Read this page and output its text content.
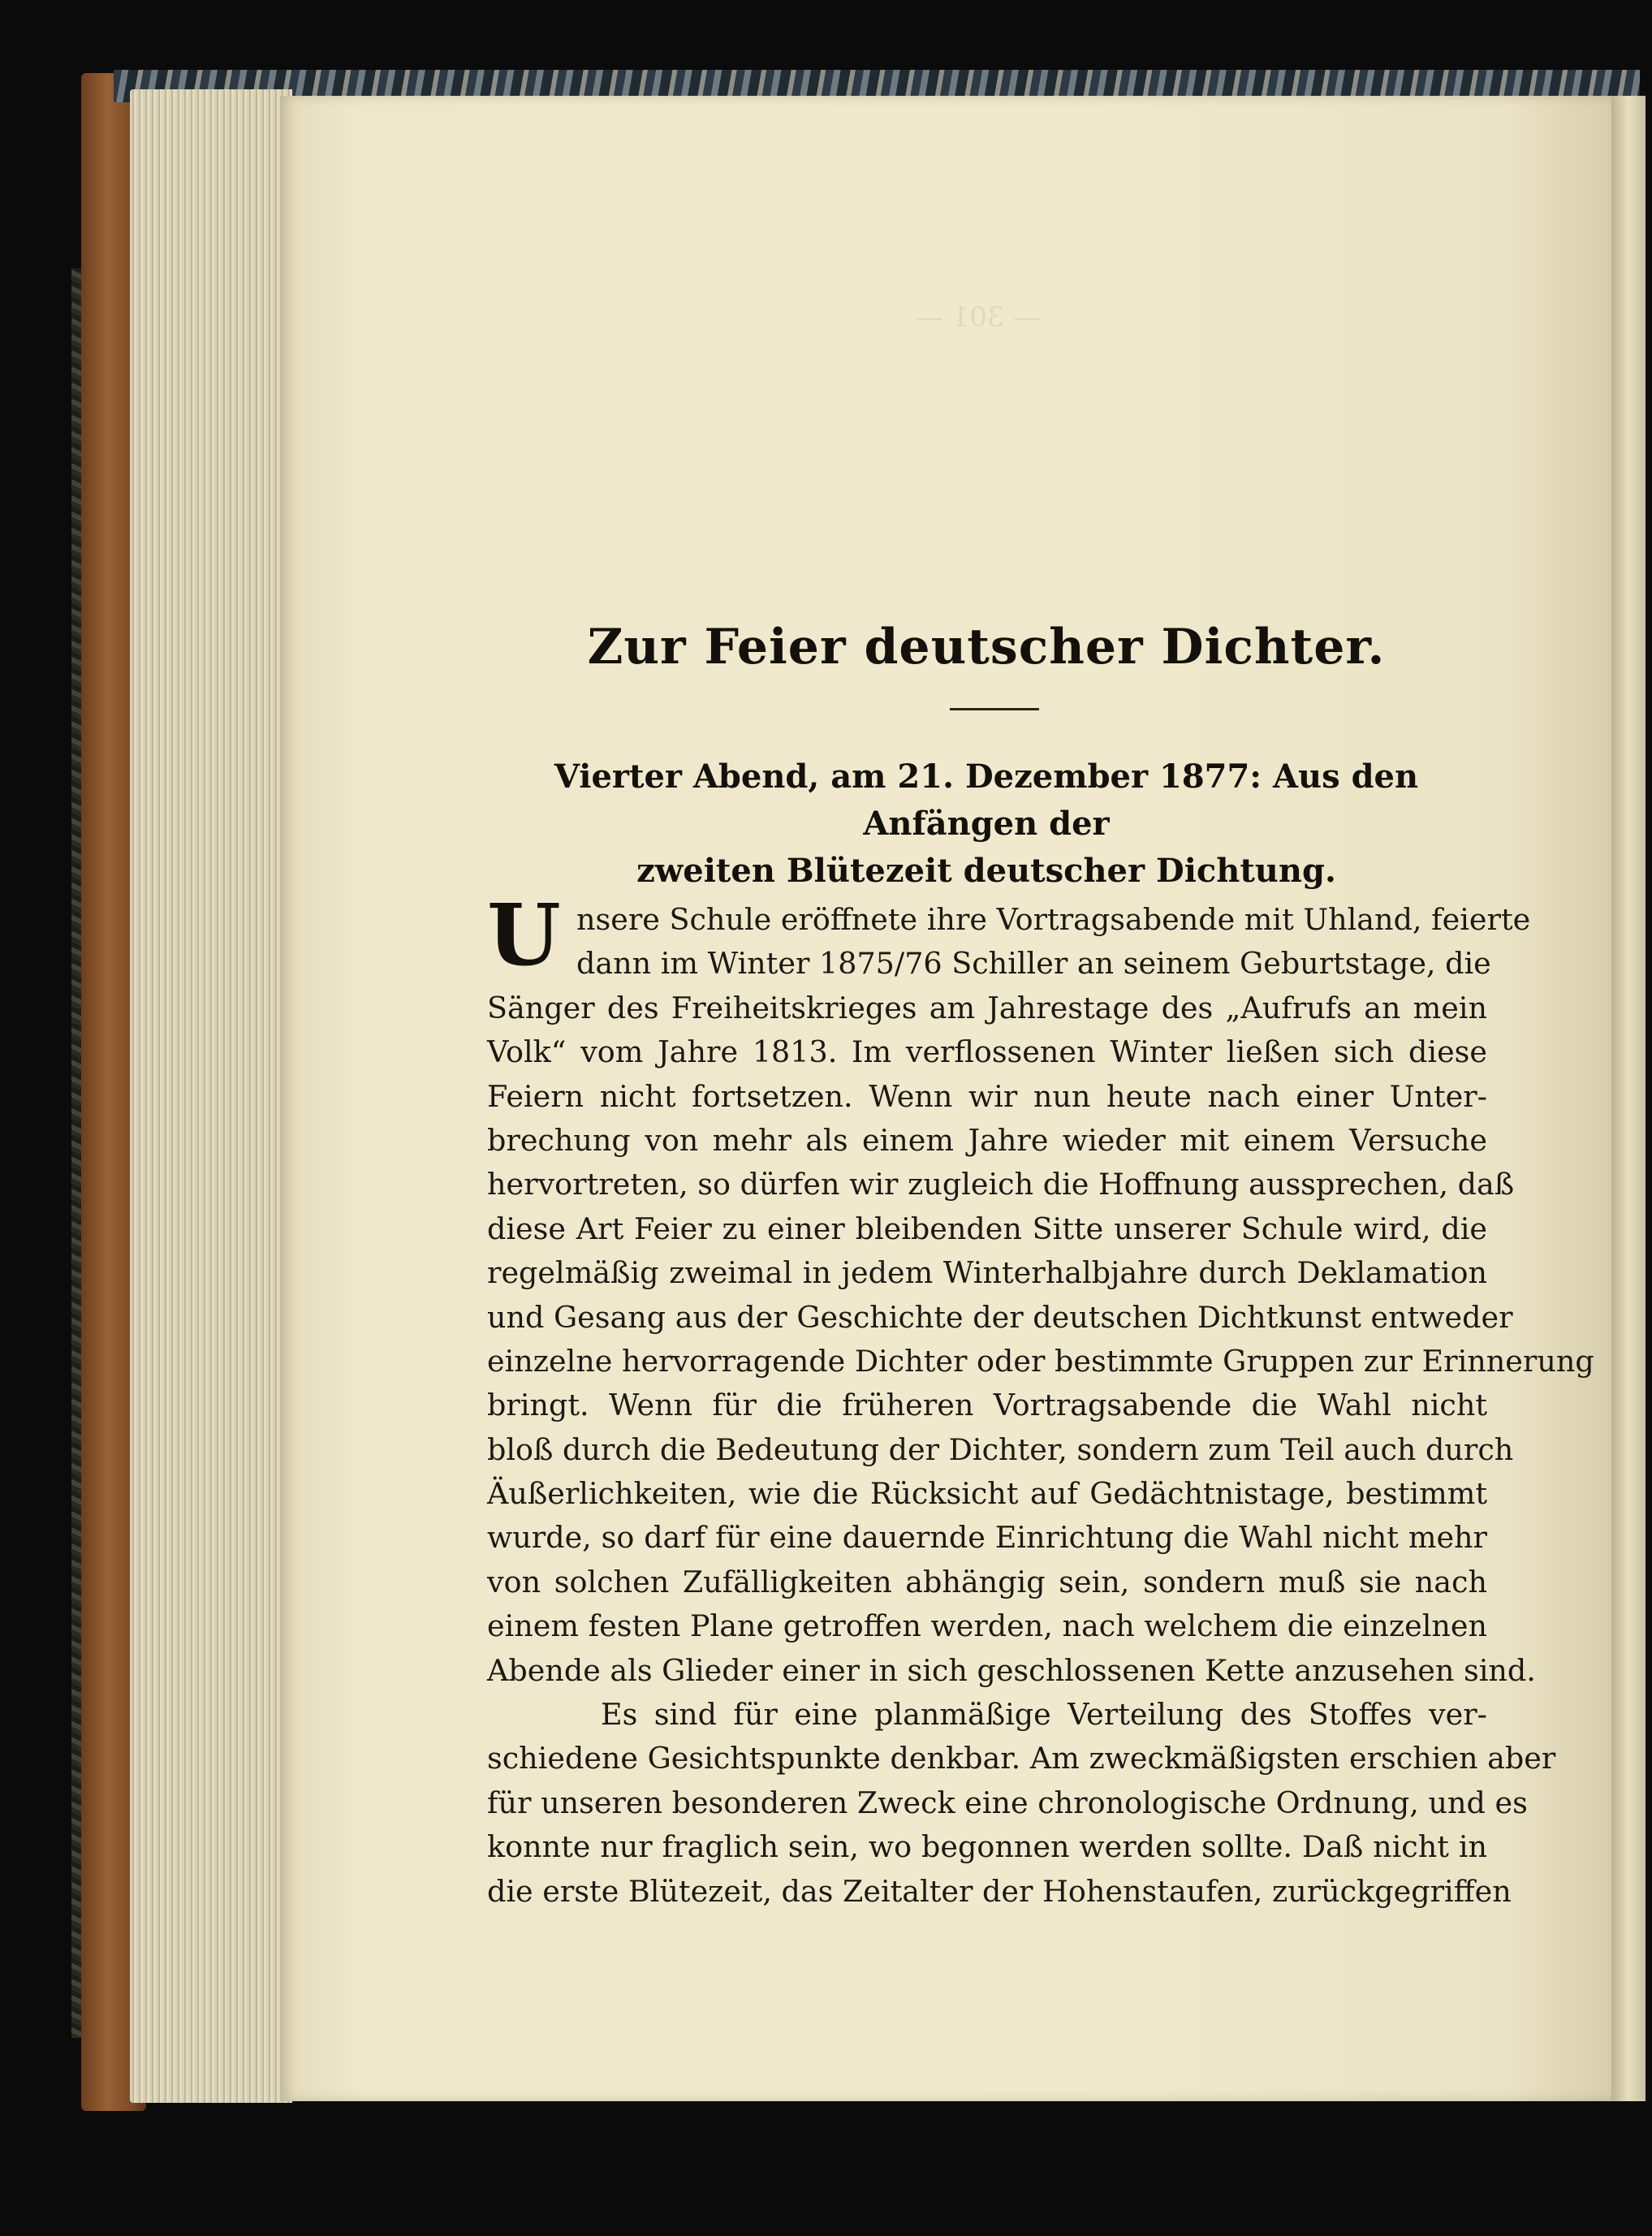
— 301 —

Zur Feier deutscher Dichter.
Vierter Abend, am 21. Dezember 1877: Aus den Anfängen der
zweiten Blütezeit deutscher Dichtung.
U nsere Schule eröffnete ihre Vortragsabende mit Uhland, feierte
dann im Winter 1875/76 Schiller an seinem Geburtstage, die
Sänger des Freiheitskrieges am Jahrestage des „Aufrufs an mein
Volk“ vom Jahre 1813. Im verflossenen Winter ließen sich diese
Feiern nicht fortsetzen. Wenn wir nun heute nach einer Unter-
brechung von mehr als einem Jahre wieder mit einem Versuche
hervortreten, so dürfen wir zugleich die Hoffnung aussprechen, daß
diese Art Feier zu einer bleibenden Sitte unserer Schule wird, die
regelmäßig zweimal in jedem Winterhalbjahre durch Deklamation
und Gesang aus der Geschichte der deutschen Dichtkunst entweder
einzelne hervorragende Dichter oder bestimmte Gruppen zur Erinnerung
bringt. Wenn für die früheren Vortragsabende die Wahl nicht
bloß durch die Bedeutung der Dichter, sondern zum Teil auch durch
Äußerlichkeiten, wie die Rücksicht auf Gedächtnistage, bestimmt
wurde, so darf für eine dauernde Einrichtung die Wahl nicht mehr
von solchen Zufälligkeiten abhängig sein, sondern muß sie nach
einem festen Plane getroffen werden, nach welchem die einzelnen
Abende als Glieder einer in sich geschlossenen Kette anzusehen sind.
Es sind für eine planmäßige Verteilung des Stoffes ver-
schiedene Gesichtspunkte denkbar. Am zweckmäßigsten erschien aber
für unseren besonderen Zweck eine chronologische Ordnung, und es
konnte nur fraglich sein, wo begonnen werden sollte. Daß nicht in
die erste Blütezeit, das Zeitalter der Hohenstaufen, zurückgegriffen
